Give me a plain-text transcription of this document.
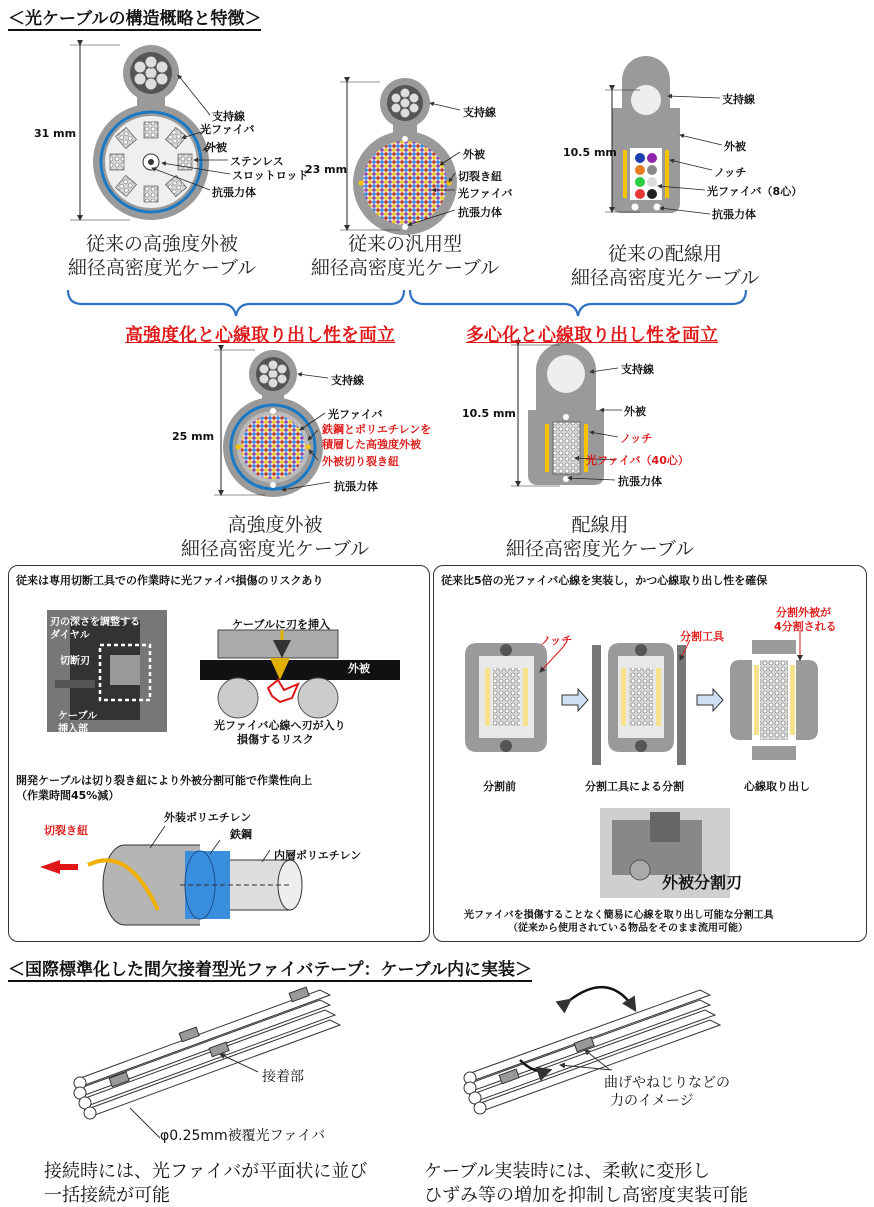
＜光ケーブルの構造概略と特徴＞
31 mm
支持線
光ファイバ
外被
ステンレス
スロットロッド
抗張力体
従来の高強度外被
細径高密度光ケーブル
23 mm
支持線
外被
切裂き紐
光ファイバ
抗張力体
従来の汎用型
細径高密度光ケーブル
10.5 mm
支持線
外被
ノッチ
光ファイバ（8心）
抗張力体
従来の配線用
細径高密度光ケーブル
高強度化と心線取り出し性を両立	多心化と心線取り出し性を両立
25 mm
支持線
光ファイバ
鉄鋼とポリエチレンを
積層した高強度外被
外被切り裂き紐
抗張力体
高強度外被
細径高密度光ケーブル
10.5 mm
支持線
外被
ノッチ
光ファイバ（40心）
抗張力体
配線用
細径高密度光ケーブル
従来は専用切断工具での作業時に光ファイバ損傷のリスクあり
刃の深さを調整する
ダイヤル
切断刃
ケーブル
挿入部
ケーブルに刃を挿入
外被
光ファイバ心線へ刃が入り
損傷するリスク
開発ケーブルは切り裂き紐により外被分割可能で作業性向上
（作業時間45%減）
切裂き紐
外装ポリエチレン
鉄鋼
内層ポリエチレン
従来比5倍の光ファイバ心線を実装し，かつ心線取り出し性を確保
ノッチ	分割工具
分割外被が
4分割される
分割前	分割工具による分割	心線取り出し
外被分割刃
光ファイバを損傷することなく簡易に心線を取り出し可能な分割工具
（従来から使用されている物品をそのまま流用可能）
＜国際標準化した間欠接着型光ファイバテープ：ケーブル内に実装＞
接着部
φ0.25mm被覆光ファイバ
曲げやねじりなどの
力のイメージ
接続時には、光ファイバが平面状に並び
一括接続が可能
ケーブル実装時には、柔軟に変形し
ひずみ等の増加を抑制し高密度実装可能
